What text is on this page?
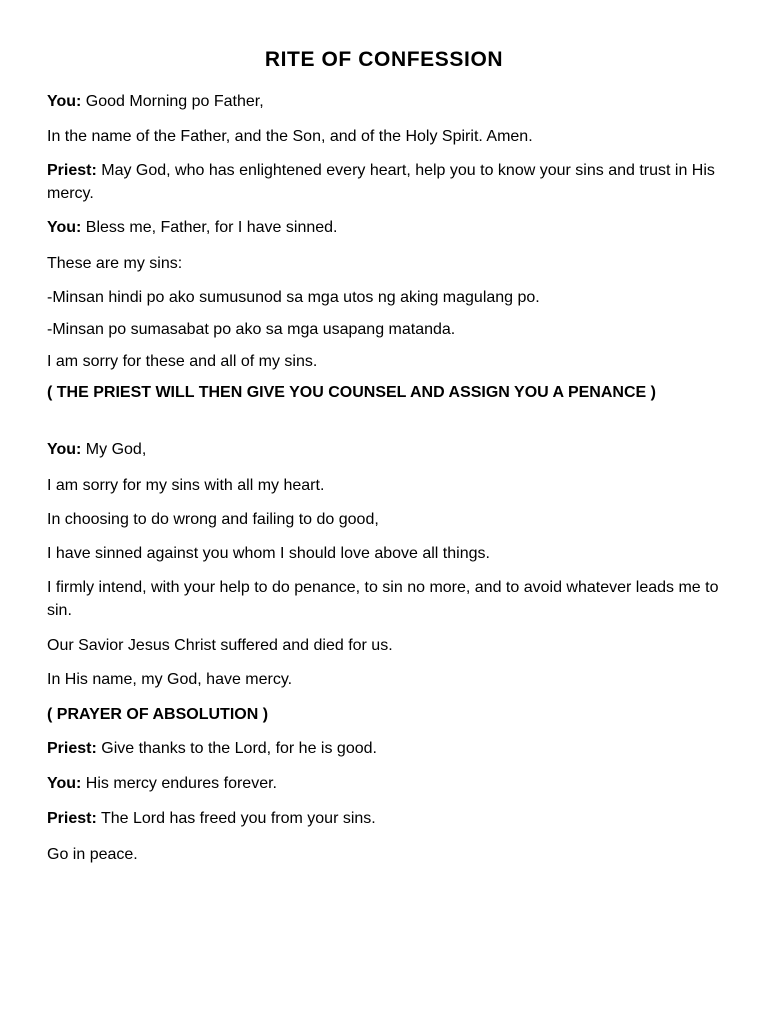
RITE OF CONFESSION

You: Good Morning po Father,

In the name of the Father, and the Son, and of the Holy Spirit. Amen.

Priest: May God, who has enlightened every heart, help you to know your sins and trust in His mercy.

You: Bless me, Father, for I have sinned.

These are my sins:

-Minsan hindi po ako sumusunod sa mga utos ng aking magulang po.

-Minsan po sumasabat po ako sa mga usapang matanda.

I am sorry for these and all of my sins.

( THE PRIEST WILL THEN GIVE YOU COUNSEL AND ASSIGN YOU A PENANCE )

You: My God,

I am sorry for my sins with all my heart.

In choosing to do wrong and failing to do good,

I have sinned against you whom I should love above all things.

I firmly intend, with your help to do penance, to sin no more, and to avoid whatever leads me to sin.

Our Savior Jesus Christ suffered and died for us.

In His name, my God, have mercy.

( PRAYER OF ABSOLUTION )

Priest: Give thanks to the Lord, for he is good.

You: His mercy endures forever.

Priest: The Lord has freed you from your sins.

Go in peace.
